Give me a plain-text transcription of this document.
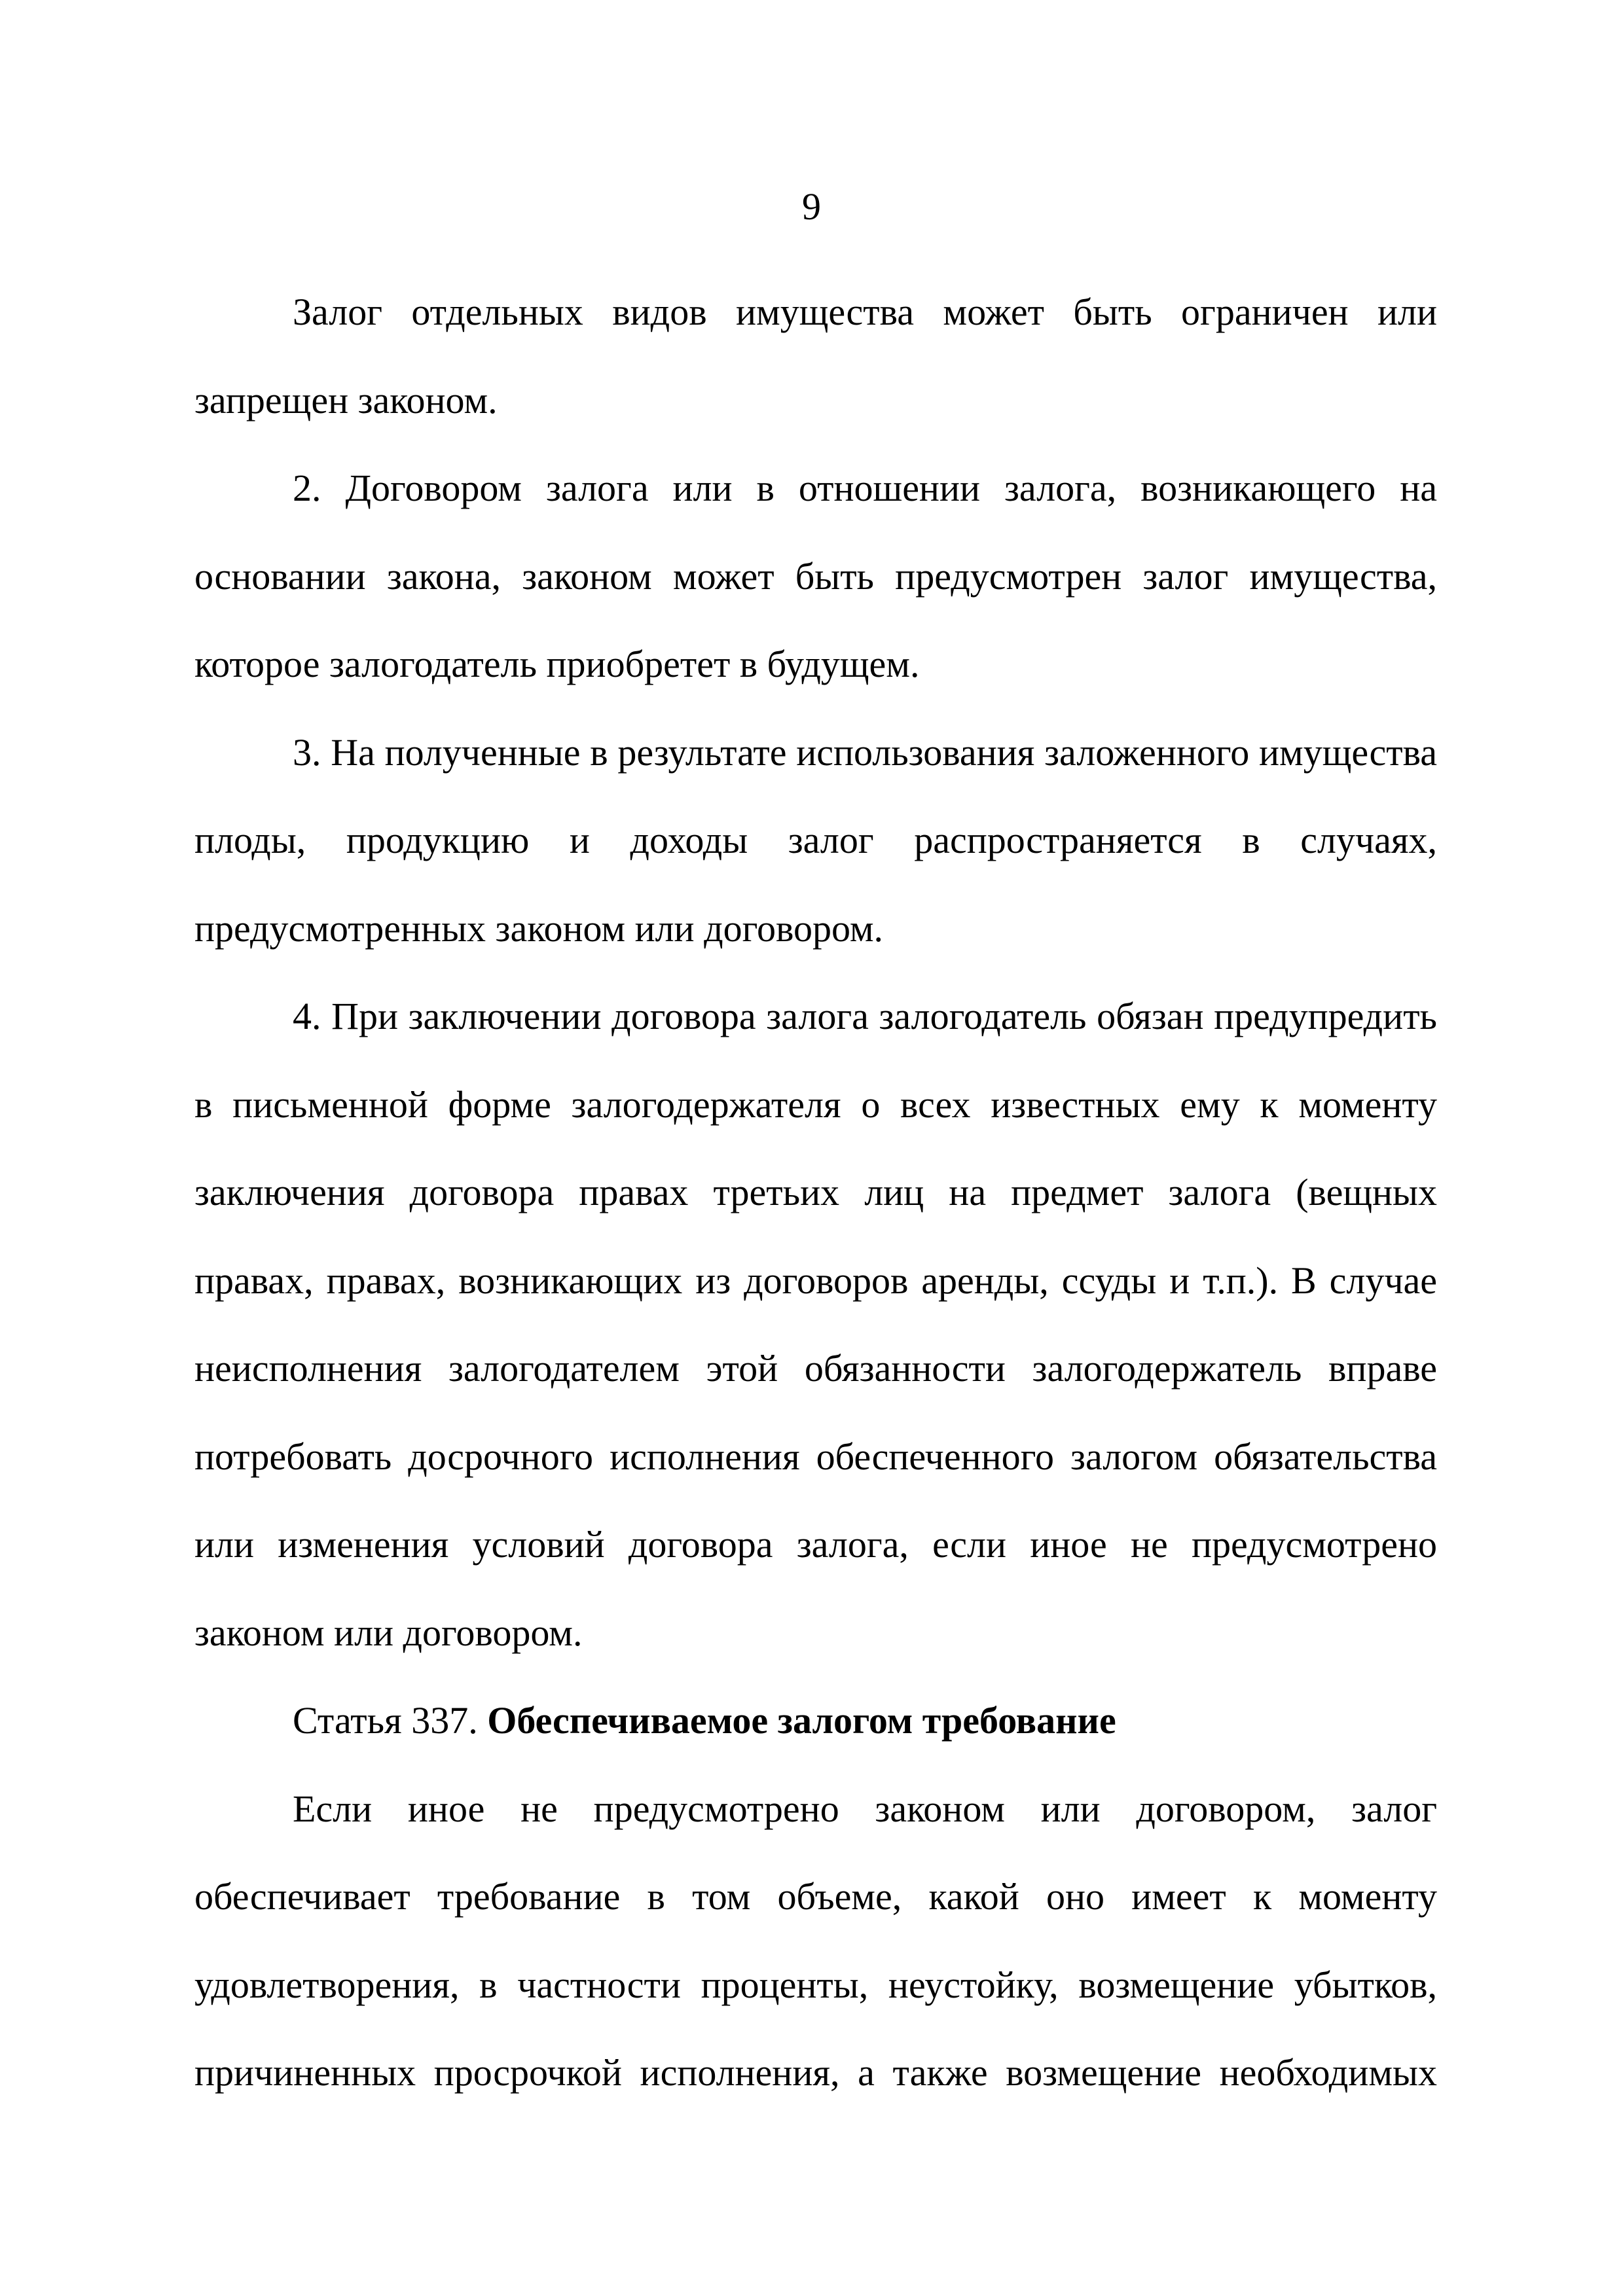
9

Залог отдельных видов имущества может быть ограничен или запрещен законом.

2. Договором залога или в отношении залога, возникающего на основании закона, законом может быть предусмотрен залог имущества, которое залогодатель приобретет в будущем.

3. На полученные в результате использования заложенного имущества плоды, продукцию и доходы залог распространяется в случаях, предусмотренных законом или договором.

4. При заключении договора залога залогодатель обязан предупредить в письменной форме залогодержателя о всех известных ему к моменту заключения договора правах третьих лиц на предмет залога (вещных правах, правах, возникающих из договоров аренды, ссуды и т.п.). В случае неисполнения залогодателем этой обязанности залогодержатель вправе потребовать досрочного исполнения обеспеченного залогом обязательства или изменения условий договора залога, если иное не предусмотрено законом или договором.

Статья 337. Обеспечиваемое залогом требование

Если иное не предусмотрено законом или договором, залог обеспечивает требование в том объеме, какой оно имеет к моменту удовлетворения, в частности проценты, неустойку, возмещение убытков, причиненных просрочкой исполнения, а также возмещение необходимых
